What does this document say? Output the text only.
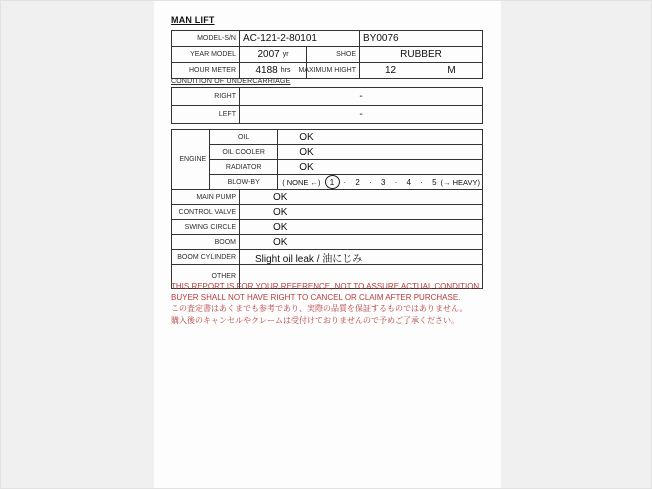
MAN LIFT
MODEL-S/N AC-121-2-80101	BY0076
YEAR MODEL	2007 yr	SHOE	RUBBER
HOUR METER	4188 hrs MAXIMUM HIGHT	12	M
CONDITION OF UNDERCARRIAGE
RIGHT	-
LEFT	-
ENGINE
OIL	OK
OIL COOLER	OK
RADIATOR	OK
BLOW-BY	( NONE ←)	1	· 2 · 3 · 4 · 5 (→ HEAVY)
MAIN PUMP	OK
CONTROL VALVE	OK
SWING CIRCLE	OK
BOOM	OK
BOOM CYLINDER	Slight oil leak / 油にじみ
OTHER
THIS REPORT IS FOR YOUR REFERENCE, NOT TO ASSURE ACTUAL CONDITION.
BUYER SHALL NOT HAVE RIGHT TO CANCEL OR CLAIM AFTER PURCHASE.
この査定書はあくまでも参考であり、実際の品質を保証するものではありません。
購入後のキャンセルやクレームは受付けておりませんので予めご了承ください。
